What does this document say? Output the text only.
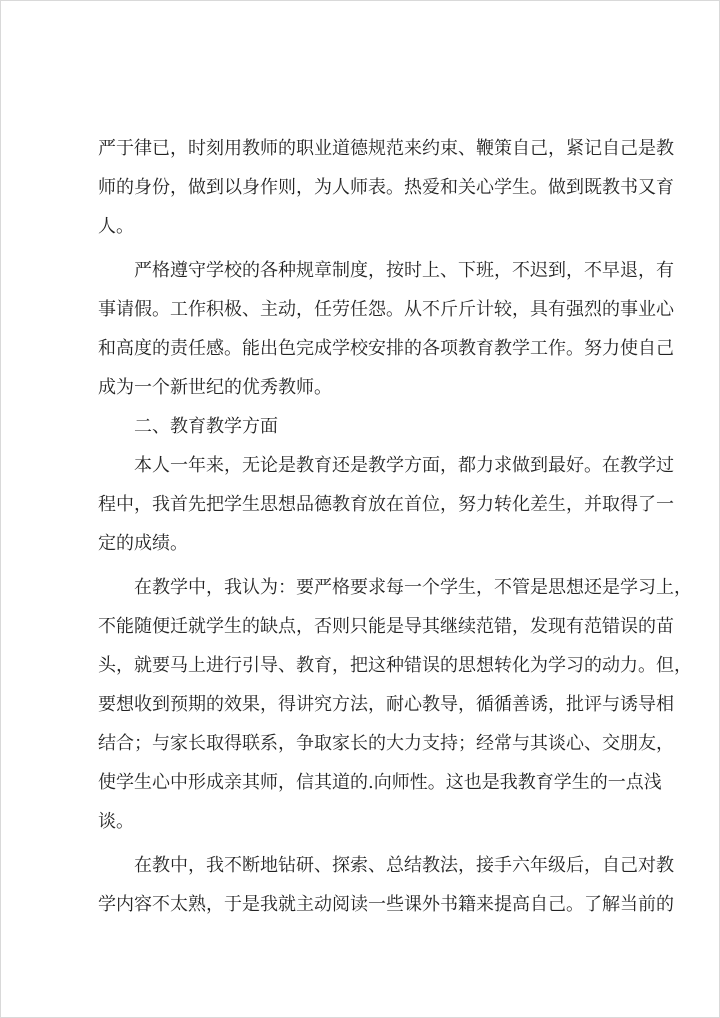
严于律已，时刻用教师的职业道德规范来约束、鞭策自己，紧记自己是教
师的身份，做到以身作则，为人师表。热爱和关心学生。做到既教书又育
人。
严格遵守学校的各种规章制度，按时上、下班，不迟到，不早退，有
事请假。工作积极、主动，任劳任怨。从不斤斤计较，具有强烈的事业心
和高度的责任感。能出色完成学校安排的各项教育教学工作。努力使自己
成为一个新世纪的优秀教师。
二、教育教学方面
本人一年来，无论是教育还是教学方面，都力求做到最好。在教学过
程中，我首先把学生思想品德教育放在首位，努力转化差生，并取得了一
定的成绩。
在教学中，我认为：要严格要求每一个学生，不管是思想还是学习上，
不能随便迁就学生的缺点，否则只能是导其继续范错，发现有范错误的苗
头，就要马上进行引导、教育，把这种错误的思想转化为学习的动力。但，
要想收到预期的效果，得讲究方法，耐心教导，循循善诱，批评与诱导相
结合；与家长取得联系，争取家长的大力支持；经常与其谈心、交朋友，
使学生心中形成亲其师，信其道的.向师性。这也是我教育学生的一点浅
谈。
在教中，我不断地钻研、探索、总结教法，接手六年级后，自己对教
学内容不太熟，于是我就主动阅读一些课外书籍来提高自己。了解当前的
